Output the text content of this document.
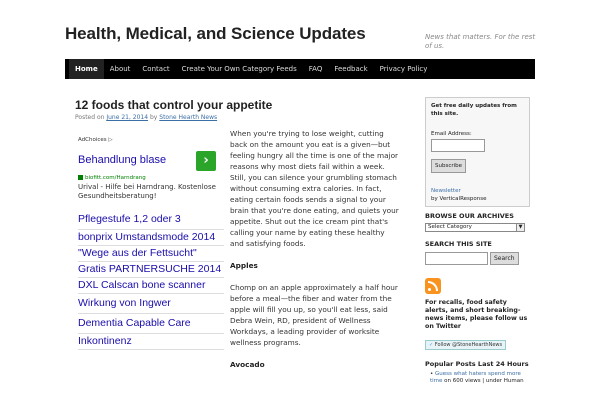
Health, Medical, and Science Updates	News that matters. For the rest of us.
Home	About	Contact	Create Your Own Category Feeds	FAQ	Feedback	Privacy Policy
12 foods that control your appetite
Posted on June 21, 2014 by Stone Hearth News
AdChoices ▷
Behandlung blase	›
biofitt.com/Harndrang
Urival - Hilfe bei Harndrang. Kostenlose Gesundheitsberatung!
Pflegestufe 1,2 oder 3
bonprix Umstandsmode 2014
"Wege aus der Fettsucht"
Gratis PARTNERSUCHE 2014
DXL Calscan bone scanner
Wirkung von Ingwer
Dementia Capable Care
Inkontinenz

When you're trying to lose weight, cutting back on the amount you eat is a given—but feeling hungry all the time is one of the major reasons why most diets fail within a week. Still, you can silence your grumbling stomach without consuming extra calories. In fact, eating certain foods sends a signal to your brain that you're done eating, and quiets your appetite. Shut out the ice cream pint that's calling your name by eating these healthy and satisfying foods.

Apples

Chomp on an apple approximately a half hour before a meal—the fiber and water from the apple will fill you up, so you'll eat less, said Debra Wein, RD, president of Wellness Workdays, a leading provider of worksite wellness programs.

Avocado

Get free daily updates from this site.
Email Address:
Subscribe
Newsletter
by VerticalResponse
BROWSE OUR ARCHIVES
Select Category	▼
SEARCH THIS SITE
Search
For recalls, food safety alerts, and short breaking-news items, please follow us on Twitter
✓ Follow @StoneHearthNews
Popular Posts Last 24 Hours
• Guess what haters spend more time on 600 views | under Human
